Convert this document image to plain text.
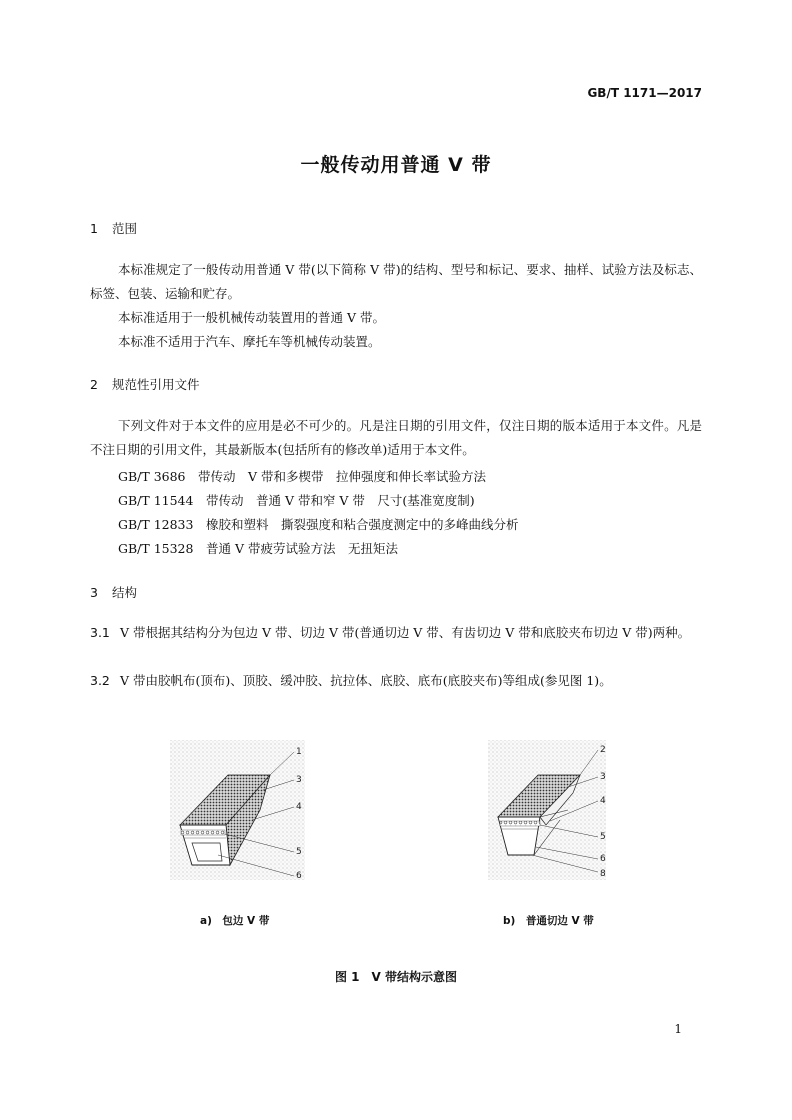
GB/T 1171—2017
一般传动用普通 V 带
1 范围
本标准规定了一般传动用普通 V 带(以下简称 V 带)的结构、型号和标记、要求、抽样、试验方法及标志、标签、包装、运输和贮存。
本标准适用于一般机械传动装置用的普通 V 带。
本标准不适用于汽车、摩托车等机械传动装置。
2 规范性引用文件
下列文件对于本文件的应用是必不可少的。凡是注日期的引用文件，仅注日期的版本适用于本文件。凡是不注日期的引用文件，其最新版本(包括所有的修改单)适用于本文件。
GB/T 3686　 带传动　V 带和多楔带　拉伸强度和伸长率试验方法
GB/T 11544　 带传动　普通 V 带和窄 V 带　尺寸(基准宽度制)
GB/T 12833　 橡胶和塑料　撕裂强度和粘合强度测定中的多峰曲线分析
GB/T 15328　 普通 V 带疲劳试验方法　无扭矩法
3 结构
3.1 V 带根据其结构分为包边 V 带、切边 V 带(普通切边 V 带、有齿切边 V 带和底胶夹布切边 V 带)两种。
3.2 V 带由胶帆布(顶布)、顶胶、缓冲胶、抗拉体、底胶、底布(底胶夹布)等组成(参见图 1)。
1
3
4
5
6
2
3
4
5
6
8
a)　包边 V 带	b)　普通切边 V 带
图 1　V 带结构示意图
1
